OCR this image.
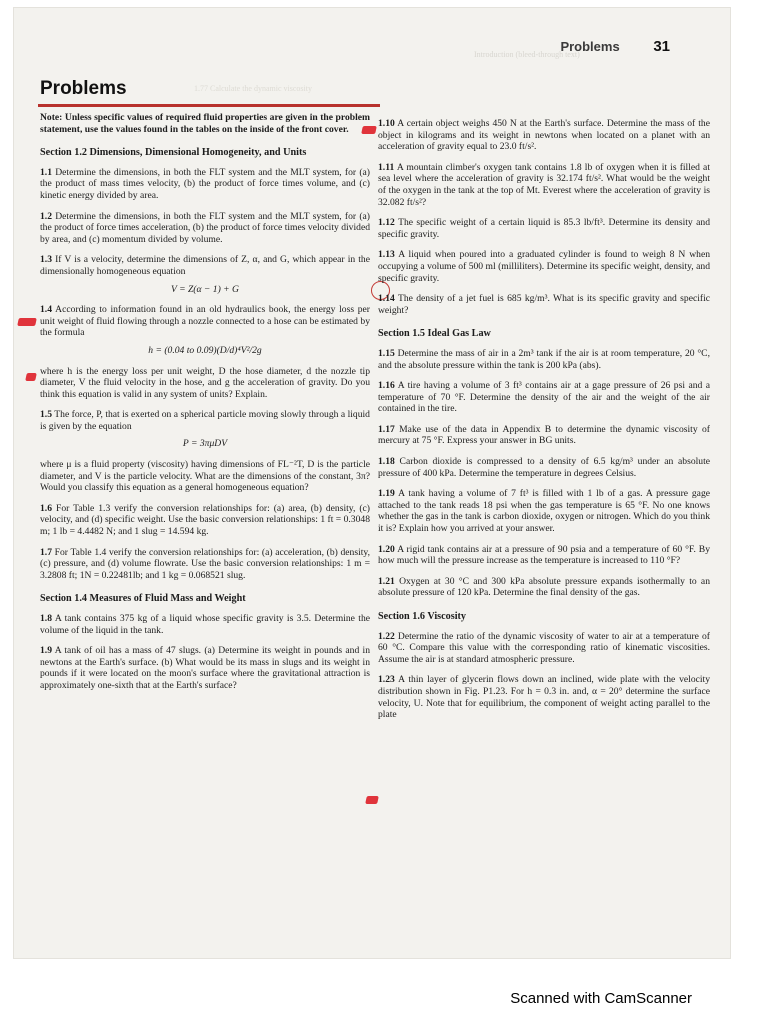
Introduction (bleed-through text)
Problems 31
Problems	1.77 Calculate the dynamic viscosity

Note: Unless specific values of required fluid properties are given in the problem statement, use the values found in the tables on the inside of the front cover.

Section 1.2 Dimensions, Dimensional Homogeneity, and Units

1.1 Determine the dimensions, in both the FLT system and the MLT system, for (a) the product of mass times velocity, (b) the product of force times volume, and (c) kinetic energy divided by area.

1.2 Determine the dimensions, in both the FLT system and the MLT system, for (a) the product of force times acceleration, (b) the product of force times velocity divided by area, and (c) momentum divided by volume.

1.3 If V is a velocity, determine the dimensions of Z, α, and G, which appear in the dimensionally homogeneous equation

V = Z(α − 1) + G

1.4 According to information found in an old hydraulics book, the energy loss per unit weight of fluid flowing through a nozzle connected to a hose can be estimated by the formula

h = (0.04 to 0.09)(D/d)⁴V²/2g

where h is the energy loss per unit weight, D the hose diameter, d the nozzle tip diameter, V the fluid velocity in the hose, and g the acceleration of gravity. Do you think this equation is valid in any system of units? Explain.

1.5 The force, P, that is exerted on a spherical particle moving slowly through a liquid is given by the equation

P = 3πμDV

where μ is a fluid property (viscosity) having dimensions of FL⁻²T, D is the particle diameter, and V is the particle velocity. What are the dimensions of the constant, 3π? Would you classify this equation as a general homogeneous equation?

1.6 For Table 1.3 verify the conversion relationships for: (a) area, (b) density, (c) velocity, and (d) specific weight. Use the basic conversion relationships: 1 ft = 0.3048 m; 1 lb = 4.4482 N; and 1 slug = 14.594 kg.

1.7 For Table 1.4 verify the conversion relationships for: (a) acceleration, (b) density, (c) pressure, and (d) volume flowrate. Use the basic conversion relationships: 1 m = 3.2808 ft; 1N = 0.22481lb; and 1 kg = 0.068521 slug.

Section 1.4 Measures of Fluid Mass and Weight

1.8 A tank contains 375 kg of a liquid whose specific gravity is 3.5. Determine the volume of the liquid in the tank.

1.9 A tank of oil has a mass of 47 slugs. (a) Determine its weight in pounds and in newtons at the Earth's surface. (b) What would be its mass in slugs and its weight in pounds if it were located on the moon's surface where the gravitational attraction is approximately one-sixth that at the Earth's surface?

1.10 A certain object weighs 450 N at the Earth's surface. Determine the mass of the object in kilograms and its weight in newtons when located on a planet with an acceleration of gravity equal to 23.0 ft/s².

1.11 A mountain climber's oxygen tank contains 1.8 lb of oxygen when it is filled at sea level where the acceleration of gravity is 32.174 ft/s². What would be the weight of the oxygen in the tank at the top of Mt. Everest where the acceleration of gravity is 32.082 ft/s²?

1.12 The specific weight of a certain liquid is 85.3 lb/ft³. Determine its density and specific gravity.

1.13 A liquid when poured into a graduated cylinder is found to weigh 8 N when occupying a volume of 500 ml (milliliters). Determine its specific weight, density, and specific gravity.

1.14 The density of a jet fuel is 685 kg/m³. What is its specific gravity and specific weight?

Section 1.5 Ideal Gas Law

1.15 Determine the mass of air in a 2m³ tank if the air is at room temperature, 20 °C, and the absolute pressure within the tank is 200 kPa (abs).

1.16 A tire having a volume of 3 ft³ contains air at a gage pressure of 26 psi and a temperature of 70 °F. Determine the density of the air and the weight of the air contained in the tire.

1.17 Make use of the data in Appendix B to determine the dynamic viscosity of mercury at 75 °F. Express your answer in BG units.

1.18 Carbon dioxide is compressed to a density of 6.5 kg/m³ under an absolute pressure of 400 kPa. Determine the temperature in degrees Celsius.

1.19 A tank having a volume of 7 ft³ is filled with 1 lb of a gas. A pressure gage attached to the tank reads 18 psi when the gas temperature is 65 °F. No one knows whether the gas in the tank is carbon dioxide, oxygen or nitrogen. Which do you think it is? Explain how you arrived at your answer.

1.20 A rigid tank contains air at a pressure of 90 psia and a temperature of 60 °F. By how much will the pressure increase as the temperature is increased to 110 °F?

1.21 Oxygen at 30 °C and 300 kPa absolute pressure expands isothermally to an absolute pressure of 120 kPa. Determine the final density of the gas.

Section 1.6 Viscosity

1.22 Determine the ratio of the dynamic viscosity of water to air at a temperature of 60 °C. Compare this value with the corresponding ratio of kinematic viscosities. Assume the air is at standard atmospheric pressure.

1.23 A thin layer of glycerin flows down an inclined, wide plate with the velocity distribution shown in Fig. P1.23. For h = 0.3 in. and, α = 20° determine the surface velocity, U. Note that for equilibrium, the component of weight acting parallel to the plate

Scanned with CamScanner
